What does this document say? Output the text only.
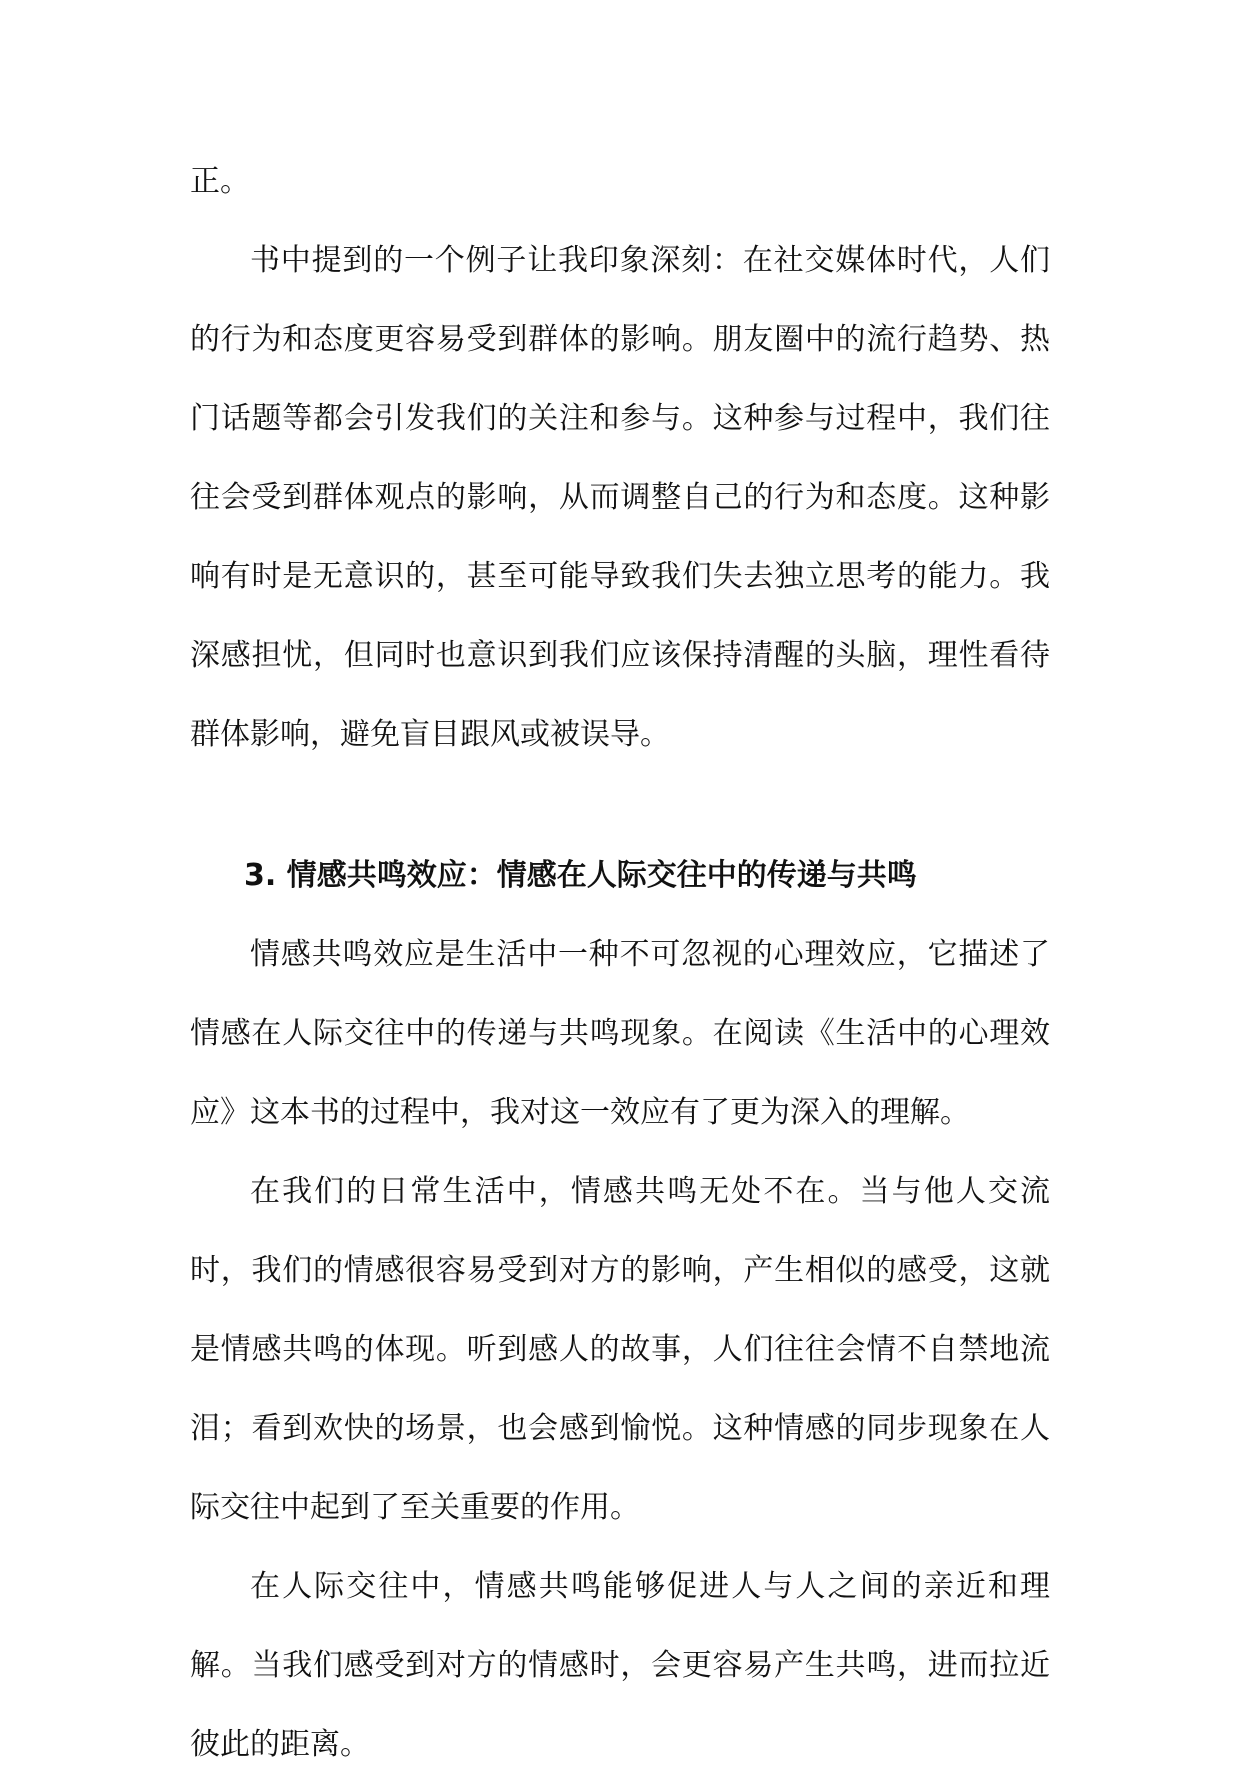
正。

书中提到的一个例子让我印象深刻：在社交媒体时代，人们的行为和态度更容易受到群体的影响。朋友圈中的流行趋势、热门话题等都会引发我们的关注和参与。这种参与过程中，我们往往会受到群体观点的影响，从而调整自己的行为和态度。这种影响有时是无意识的，甚至可能导致我们失去独立思考的能力。我深感担忧，但同时也意识到我们应该保持清醒的头脑，理性看待群体影响，避免盲目跟风或被误导。

3. 情感共鸣效应：情感在人际交往中的传递与共鸣

情感共鸣效应是生活中一种不可忽视的心理效应，它描述了情感在人际交往中的传递与共鸣现象。在阅读《生活中的心理效应》这本书的过程中，我对这一效应有了更为深入的理解。

在我们的日常生活中，情感共鸣无处不在。当与他人交流时，我们的情感很容易受到对方的影响，产生相似的感受，这就是情感共鸣的体现。听到感人的故事，人们往往会情不自禁地流泪；看到欢快的场景，也会感到愉悦。这种情感的同步现象在人际交往中起到了至关重要的作用。

在人际交往中，情感共鸣能够促进人与人之间的亲近和理解。当我们感受到对方的情感时，会更容易产生共鸣，进而拉近彼此的距离。
